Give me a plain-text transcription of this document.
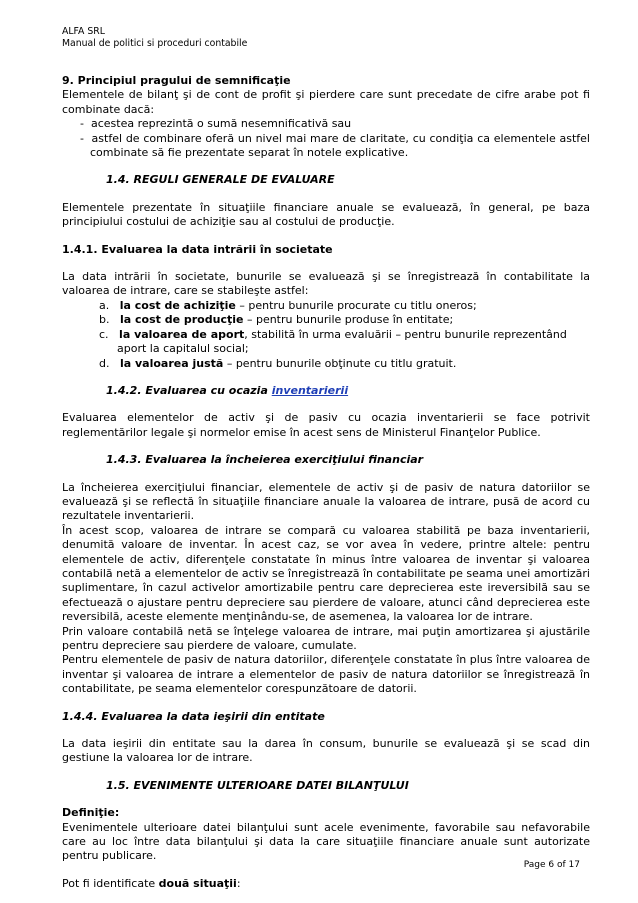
ALFA SRL
Manual de politici si proceduri contabile

9. Principiul pragului de semnificaţie

Elementele de bilanţ şi de cont de profit şi pierdere care sunt precedate de cifre arabe pot fi combinate dacă:

-  acestea reprezintă o sumă nesemnificativă sau
-  astfel de combinare oferă un nivel mai mare de claritate, cu condiţia ca elementele astfel combinate să fie prezentate separat în notele explicative.

1.4. REGULI GENERALE DE EVALUARE

Elementele prezentate în situaţiile financiare anuale se evaluează, în general, pe baza principiului costului de achiziţie sau al costului de producţie.

1.4.1. Evaluarea la data intrării în societate

La data intrării în societate, bunurile se evaluează şi se înregistrează în contabilitate la valoarea de intrare, care se stabileşte astfel:

a. la cost de achiziţie – pentru bunurile procurate cu titlu oneros;
b. la cost de producţie – pentru bunurile produse în entitate;
c. la valoarea de aport, stabilită în urma evaluării – pentru bunurile reprezentând aport la capitalul social;
d. la valoarea justă – pentru bunurile obţinute cu titlu gratuit.

1.4.2. Evaluarea cu ocazia inventarierii

Evaluarea elementelor de activ şi de pasiv cu ocazia inventarierii se face potrivit reglementărilor legale şi normelor emise în acest sens de Ministerul Finanţelor Publice.

1.4.3. Evaluarea la încheierea exerciţiului financiar

La încheierea exerciţiului financiar, elementele de activ şi de pasiv de natura datoriilor se evaluează şi se reflectă în situaţiile financiare anuale la valoarea de intrare, pusă de acord cu rezultatele inventarierii.

În acest scop, valoarea de intrare se compară cu valoarea stabilită pe baza inventarierii, denumită valoare de inventar. În acest caz, se vor avea în vedere, printre altele: pentru elementele de activ, diferenţele constatate în minus între valoarea de inventar şi valoarea contabilă netă a elementelor de activ se înregistrează în contabilitate pe seama unei amortizări suplimentare, în cazul activelor amortizabile pentru care deprecierea este ireversibilă sau se efectuează o ajustare pentru depreciere sau pierdere de valoare, atunci când deprecierea este reversibilă, aceste elemente menţinându-se, de asemenea, la valoarea lor de intrare.

Prin valoare contabilă netă se înţelege valoarea de intrare, mai puţin amortizarea şi ajustările pentru depreciere sau pierdere de valoare, cumulate.

Pentru elementele de pasiv de natura datoriilor, diferenţele constatate în plus între valoarea de inventar şi valoarea de intrare a elementelor de pasiv de natura datoriilor se înregistrează în contabilitate, pe seama elementelor corespunzătoare de datorii.

1.4.4. Evaluarea la data ieşirii din entitate

La data ieşirii din entitate sau la darea în consum, bunurile se evaluează şi se scad din gestiune la valoarea lor de intrare.

1.5. EVENIMENTE ULTERIOARE DATEI BILANŢULUI

Definiţie:

Evenimentele ulterioare datei bilanţului sunt acele evenimente, favorabile sau nefavorabile care au loc între data bilanţului şi data la care situaţiile financiare anuale sunt autorizate pentru publicare.

Pot fi identificate două situaţii:

Page 6 of 17
